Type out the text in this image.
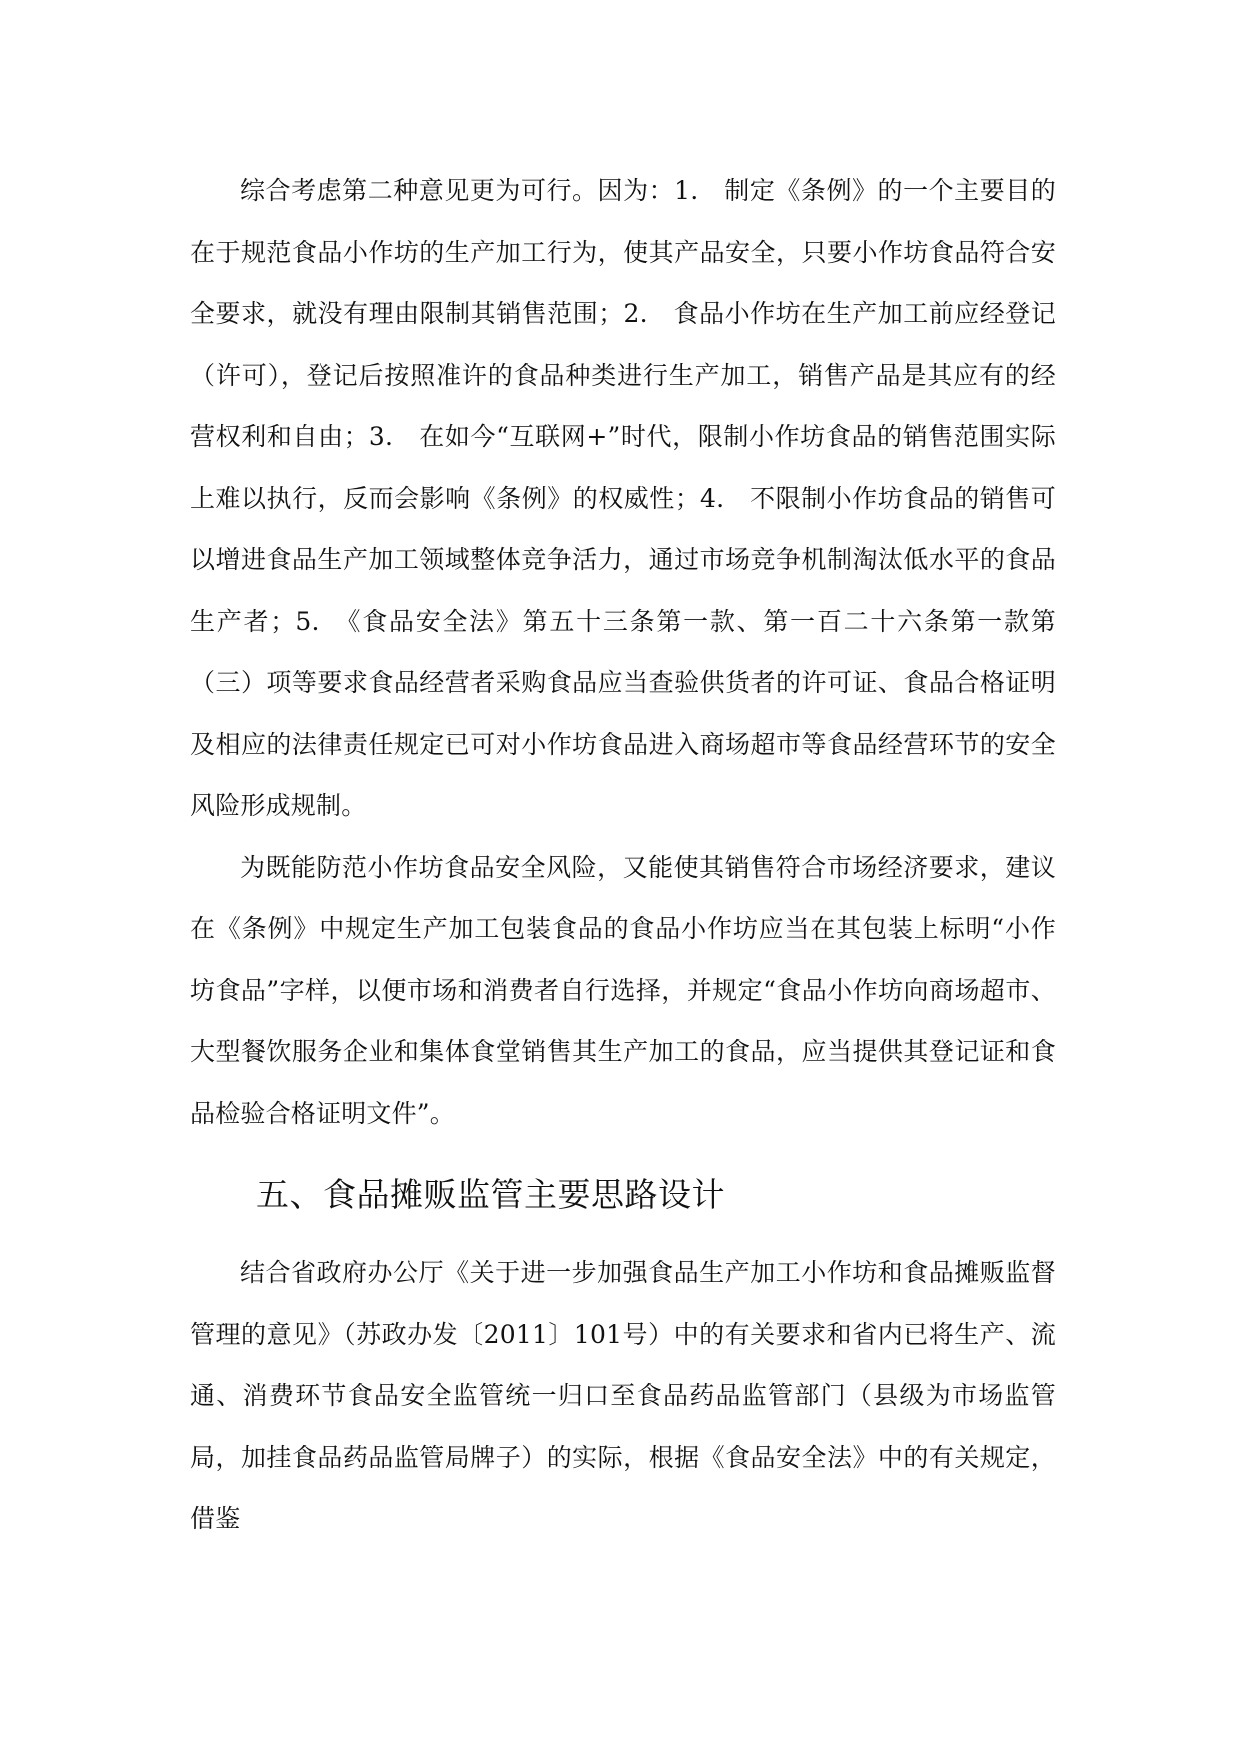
综合考虑第二种意见更为可行。因为：1.　制定《条例》的一个主要目的在于规范食品小作坊的生产加工行为，使其产品安全，只要小作坊食品符合安全要求，就没有理由限制其销售范围；2.　食品小作坊在生产加工前应经登记（许可），登记后按照准许的食品种类进行生产加工，销售产品是其应有的经营权利和自由；3.　在如今“互联网+”时代，限制小作坊食品的销售范围实际上难以执行，反而会影响《条例》的权威性；4.　不限制小作坊食品的销售可以增进食品生产加工领域整体竞争活力，通过市场竞争机制淘汰低水平的食品生产者；5.　《食品安全法》第五十三条第一款、第一百二十六条第一款第（三）项等要求食品经营者采购食品应当查验供货者的许可证、食品合格证明及相应的法律责任规定已可对小作坊食品进入商场超市等食品经营环节的安全风险形成规制。

为既能防范小作坊食品安全风险，又能使其销售符合市场经济要求，建议在《条例》中规定生产加工包装食品的食品小作坊应当在其包装上标明“小作坊食品”字样，以便市场和消费者自行选择，并规定“食品小作坊向商场超市、大型餐饮服务企业和集体食堂销售其生产加工的食品，应当提供其登记证和食品检验合格证明文件”。

五、食品摊贩监管主要思路设计

结合省政府办公厅《关于进一步加强食品生产加工小作坊和食品摊贩监督管理的意见》（苏政办发〔2011〕101号）中的有关要求和省内已将生产、流通、消费环节食品安全监管统一归口至食品药品监管部门（县级为市场监管局，加挂食品药品监管局牌子）的实际，根据《食品安全法》中的有关规定，借鉴
